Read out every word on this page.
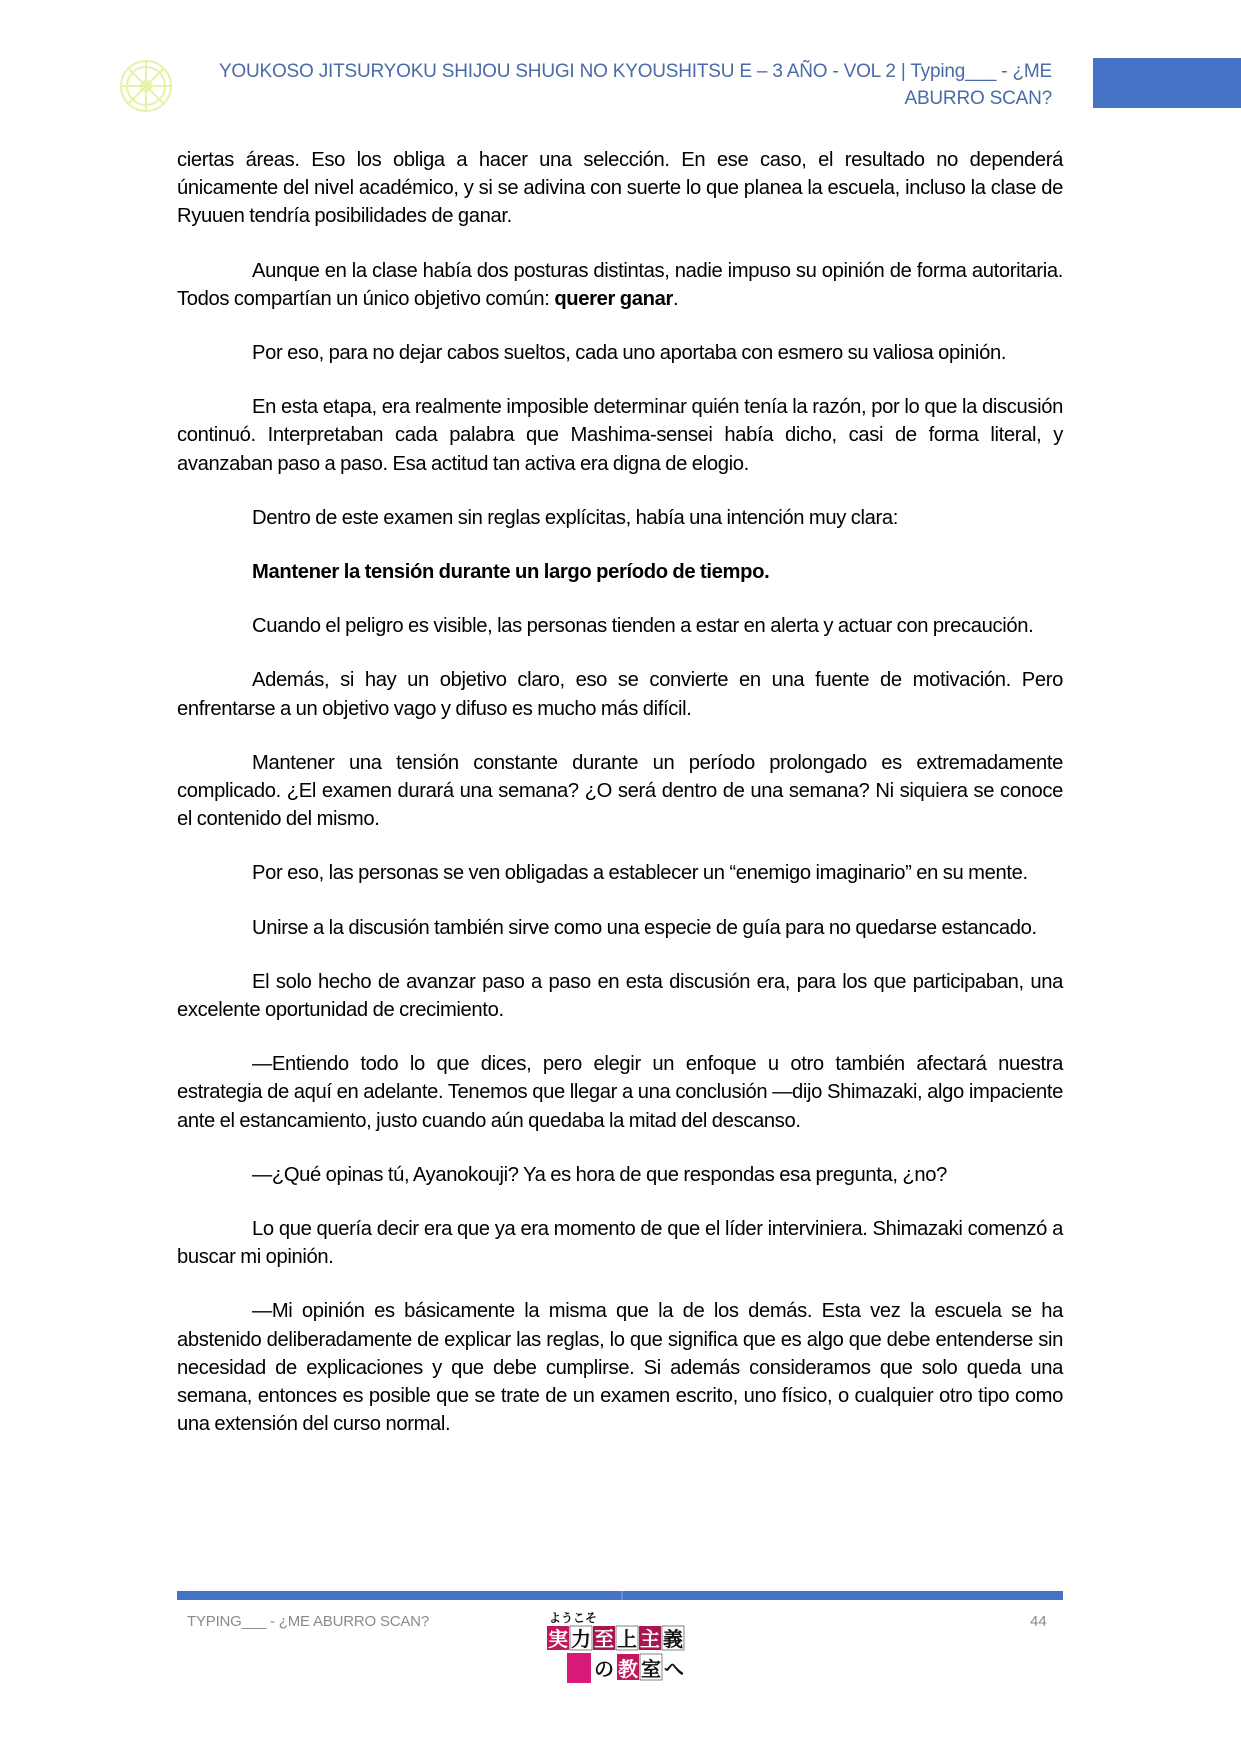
YOUKOSO JITSURYOKU SHIJOU SHUGI NO KYOUSHITSU E – 3 AÑO - VOL 2 | Typing___ - ¿ME ABURRO SCAN?

ciertas áreas. Eso los obliga a hacer una selección. En ese caso, el resultado no dependerá únicamente del nivel académico, y si se adivina con suerte lo que planea la escuela, incluso la clase de Ryuuen tendría posibilidades de ganar.

Aunque en la clase había dos posturas distintas, nadie impuso su opinión de forma autoritaria. Todos compartían un único objetivo común: querer ganar.

Por eso, para no dejar cabos sueltos, cada uno aportaba con esmero su valiosa opinión.

En esta etapa, era realmente imposible determinar quién tenía la razón, por lo que la discusión continuó. Interpretaban cada palabra que Mashima-sensei había dicho, casi de forma literal, y avanzaban paso a paso. Esa actitud tan activa era digna de elogio.

Dentro de este examen sin reglas explícitas, había una intención muy clara:

Mantener la tensión durante un largo período de tiempo.

Cuando el peligro es visible, las personas tienden a estar en alerta y actuar con precaución.

Además, si hay un objetivo claro, eso se convierte en una fuente de motivación. Pero enfrentarse a un objetivo vago y difuso es mucho más difícil.

Mantener una tensión constante durante un período prolongado es extremadamente complicado. ¿El examen durará una semana? ¿O será dentro de una semana? Ni siquiera se conoce el contenido del mismo.

Por eso, las personas se ven obligadas a establecer un “enemigo imaginario” en su mente.

Unirse a la discusión también sirve como una especie de guía para no quedarse estancado.

El solo hecho de avanzar paso a paso en esta discusión era, para los que participaban, una excelente oportunidad de crecimiento.

—Entiendo todo lo que dices, pero elegir un enfoque u otro también afectará nuestra estrategia de aquí en adelante. Tenemos que llegar a una conclusión —dijo Shimazaki, algo impaciente ante el estancamiento, justo cuando aún quedaba la mitad del descanso.

—¿Qué opinas tú, Ayanokouji? Ya es hora de que respondas esa pregunta, ¿no?

Lo que quería decir era que ya era momento de que el líder interviniera. Shimazaki comenzó a buscar mi opinión.

—Mi opinión es básicamente la misma que la de los demás. Esta vez la escuela se ha abstenido deliberadamente de explicar las reglas, lo que significa que es algo que debe entenderse sin necesidad de explicaciones y que debe cumplirse. Si además consideramos que solo queda una semana, entonces es posible que se trate de un examen escrito, uno físico, o cualquier otro tipo como una extensión del curso normal.

TYPING___ - ¿ME ABURRO SCAN?	44
ようこそ
実 力 至 上 主 義
の 教 室 へ
